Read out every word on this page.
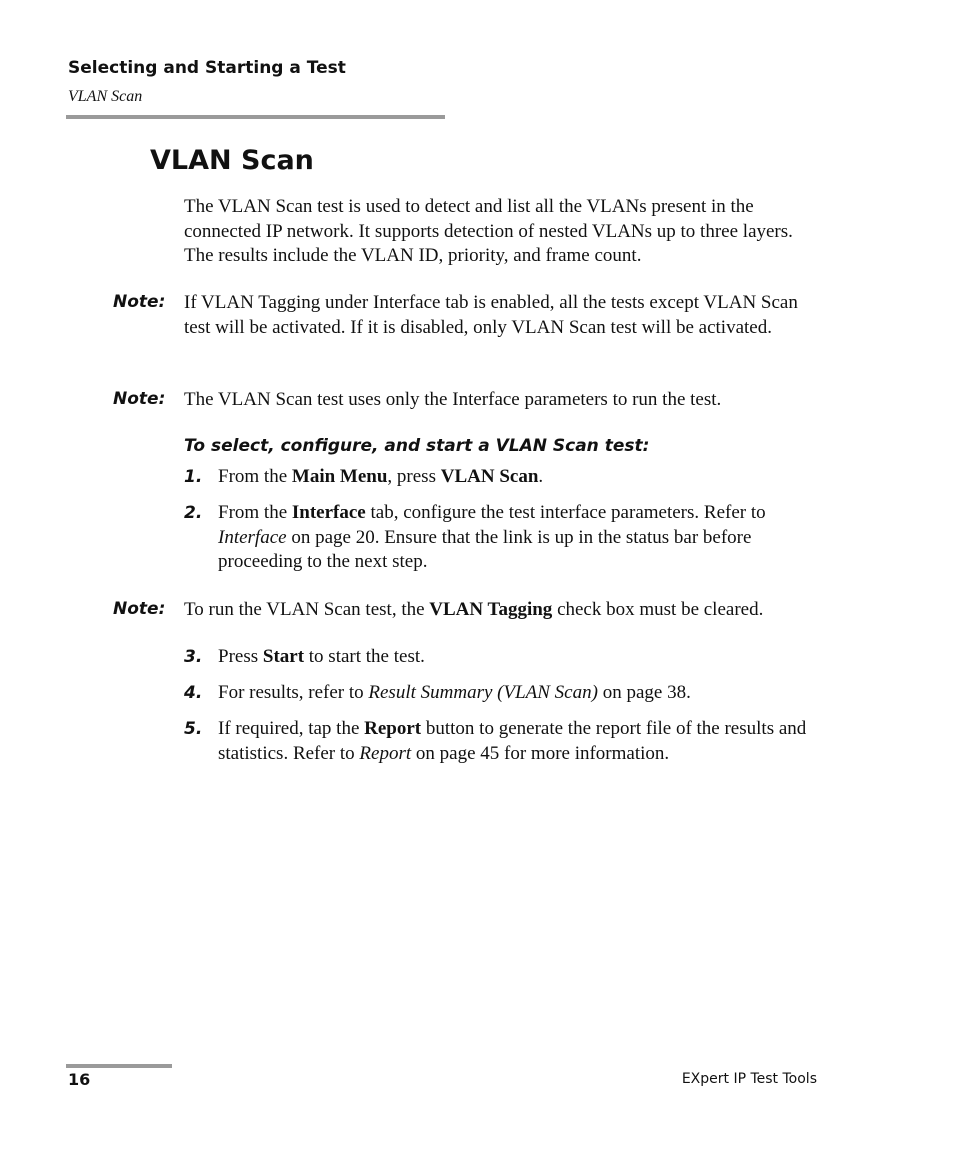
Selecting and Starting a Test
VLAN Scan
VLAN Scan
The VLAN Scan test is used to detect and list all the VLANs present in the connected IP network. It supports detection of nested VLANs up to three layers. The results include the VLAN ID, priority, and frame count.
Note: If VLAN Tagging under Interface tab is enabled, all the tests except VLAN Scan test will be activated. If it is disabled, only VLAN Scan test will be activated.
Note: The VLAN Scan test uses only the Interface parameters to run the test.
To select, configure, and start a VLAN Scan test:
1. From the Main Menu, press VLAN Scan.
2. From the Interface tab, configure the test interface parameters. Refer to Interface on page 20. Ensure that the link is up in the status bar before proceeding to the next step.
Note: To run the VLAN Scan test, the VLAN Tagging check box must be cleared.
3. Press Start to start the test.
4. For results, refer to Result Summary (VLAN Scan) on page 38.
5. If required, tap the Report button to generate the report file of the results and statistics. Refer to Report on page 45 for more information.
16	EXpert IP Test Tools
